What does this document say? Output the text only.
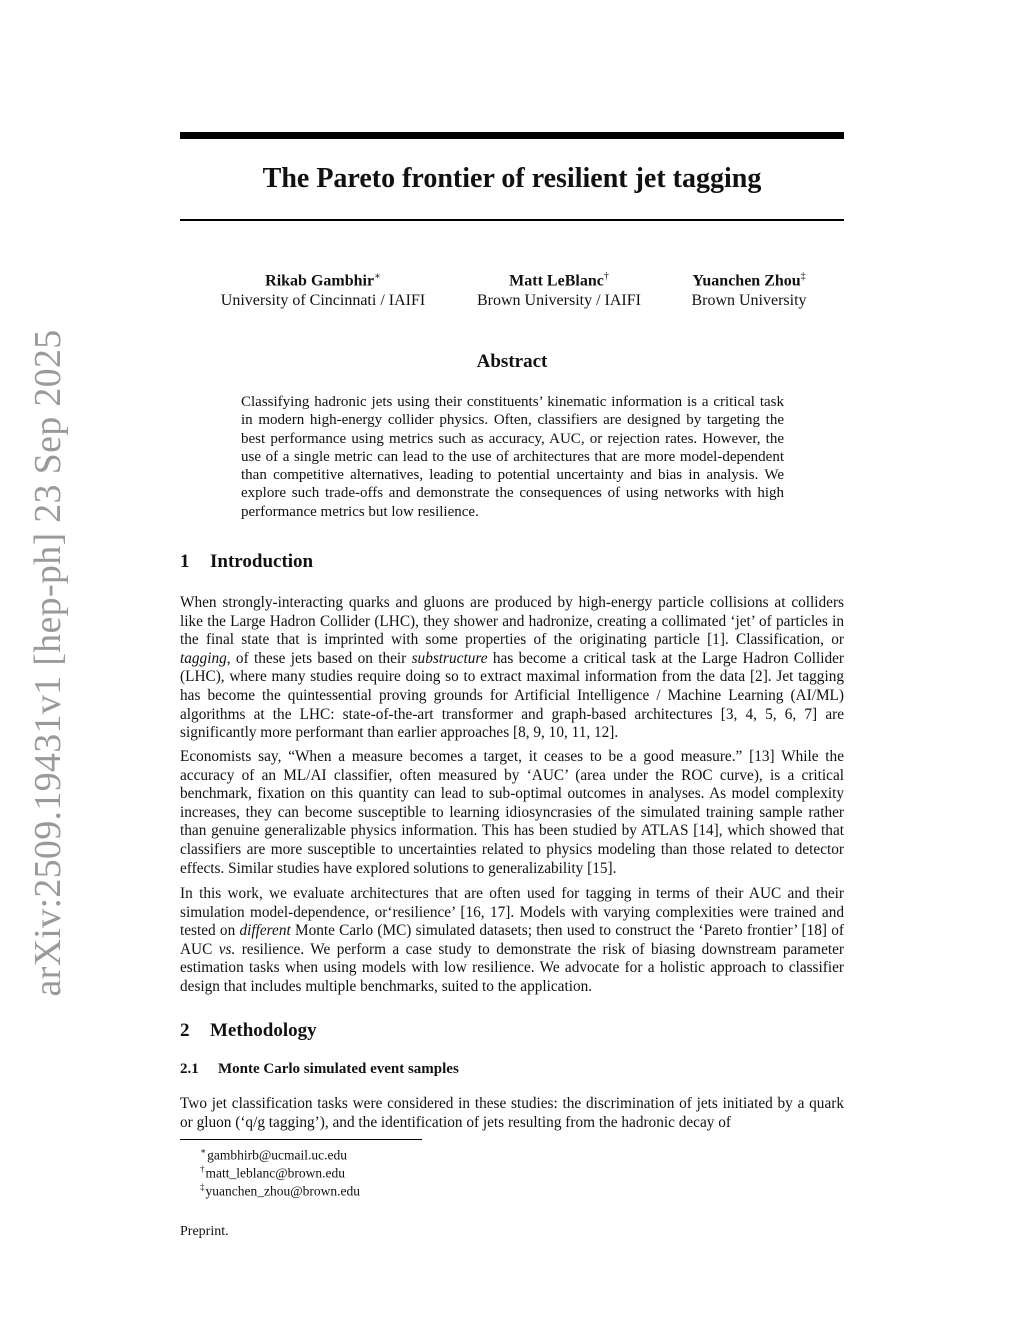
arXiv:2509.19431v1 [hep-ph] 23 Sep 2025
The Pareto frontier of resilient jet tagging
Rikab Gambhir∗
University of Cincinnati / IAIFI
Matt LeBlanc†
Brown University / IAIFI
Yuanchen Zhou‡
Brown University
Abstract

Classifying hadronic jets using their constituents’ kinematic information is a critical task in modern high-energy collider physics. Often, classifiers are designed by targeting the best performance using metrics such as accuracy, AUC, or rejection rates. However, the use of a single metric can lead to the use of architectures that are more model-dependent than competitive alternatives, leading to potential uncertainty and bias in analysis. We explore such trade-offs and demonstrate the consequences of using networks with high performance metrics but low resilience.

1 Introduction

When strongly-interacting quarks and gluons are produced by high-energy particle collisions at colliders like the Large Hadron Collider (LHC), they shower and hadronize, creating a collimated ‘jet’ of particles in the final state that is imprinted with some properties of the originating particle [1]. Classification, or tagging, of these jets based on their substructure has become a critical task at the Large Hadron Collider (LHC), where many studies require doing so to extract maximal information from the data [2]. Jet tagging has become the quintessential proving grounds for Artificial Intelligence / Machine Learning (AI/ML) algorithms at the LHC: state-of-the-art transformer and graph-based architectures [3, 4, 5, 6, 7] are significantly more performant than earlier approaches [8, 9, 10, 11, 12].

Economists say, “When a measure becomes a target, it ceases to be a good measure.” [13] While the accuracy of an ML/AI classifier, often measured by ‘AUC’ (area under the ROC curve), is a critical benchmark, fixation on this quantity can lead to sub-optimal outcomes in analyses. As model complexity increases, they can become susceptible to learning idiosyncrasies of the simulated training sample rather than genuine generalizable physics information. This has been studied by ATLAS [14], which showed that classifiers are more susceptible to uncertainties related to physics modeling than those related to detector effects. Similar studies have explored solutions to generalizability [15].

In this work, we evaluate architectures that are often used for tagging in terms of their AUC and their simulation model-dependence, or‘resilience’ [16, 17]. Models with varying complexities were trained and tested on different Monte Carlo (MC) simulated datasets; then used to construct the ‘Pareto frontier’ [18] of AUC vs. resilience. We perform a case study to demonstrate the risk of biasing downstream parameter estimation tasks when using models with low resilience. We advocate for a holistic approach to classifier design that includes multiple benchmarks, suited to the application.

2 Methodology
2.1 Monte Carlo simulated event samples

Two jet classification tasks were considered in these studies: the discrimination of jets initiated by a quark or gluon (‘q/g tagging’), and the identification of jets resulting from the hadronic decay of

∗gambhirb@ucmail.uc.edu
†matt_leblanc@brown.edu
‡yuanchen_zhou@brown.edu
Preprint.
